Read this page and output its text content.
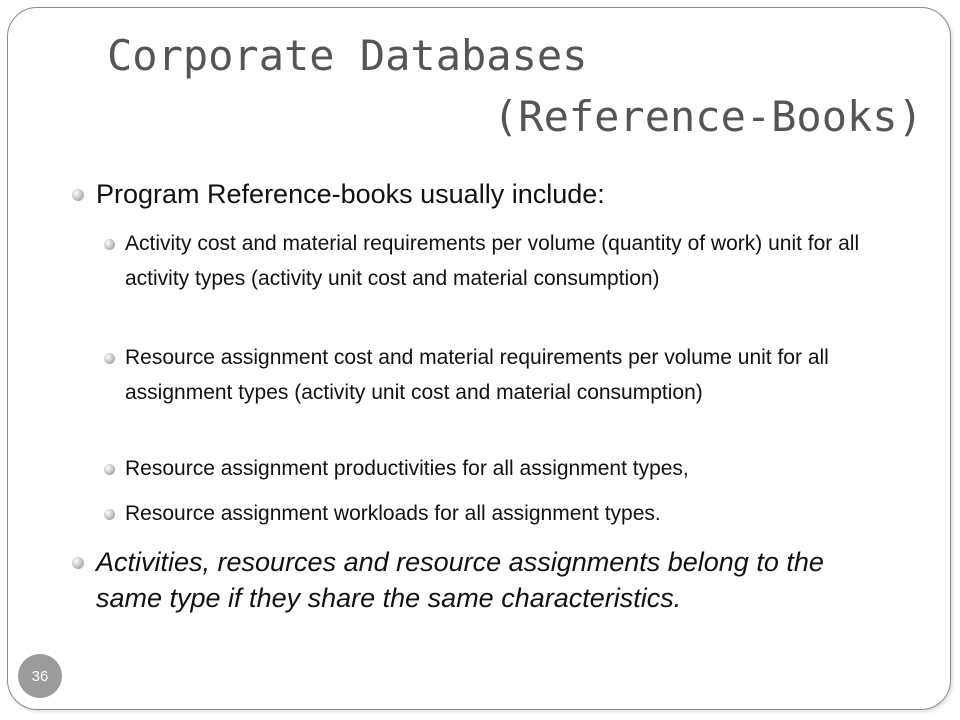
Corporate Databases
(Reference-Books)
Program Reference-books usually include:
Activity cost and material requirements per volume (quantity of work) unit for all activity types (activity unit cost and material consumption)
Resource assignment cost and material requirements per volume unit for all assignment types (activity unit cost and material consumption)
Resource assignment productivities for all assignment types,
Resource assignment workloads for all assignment types.
Activities, resources and resource assignments belong to the same type if they share the same characteristics.
36
